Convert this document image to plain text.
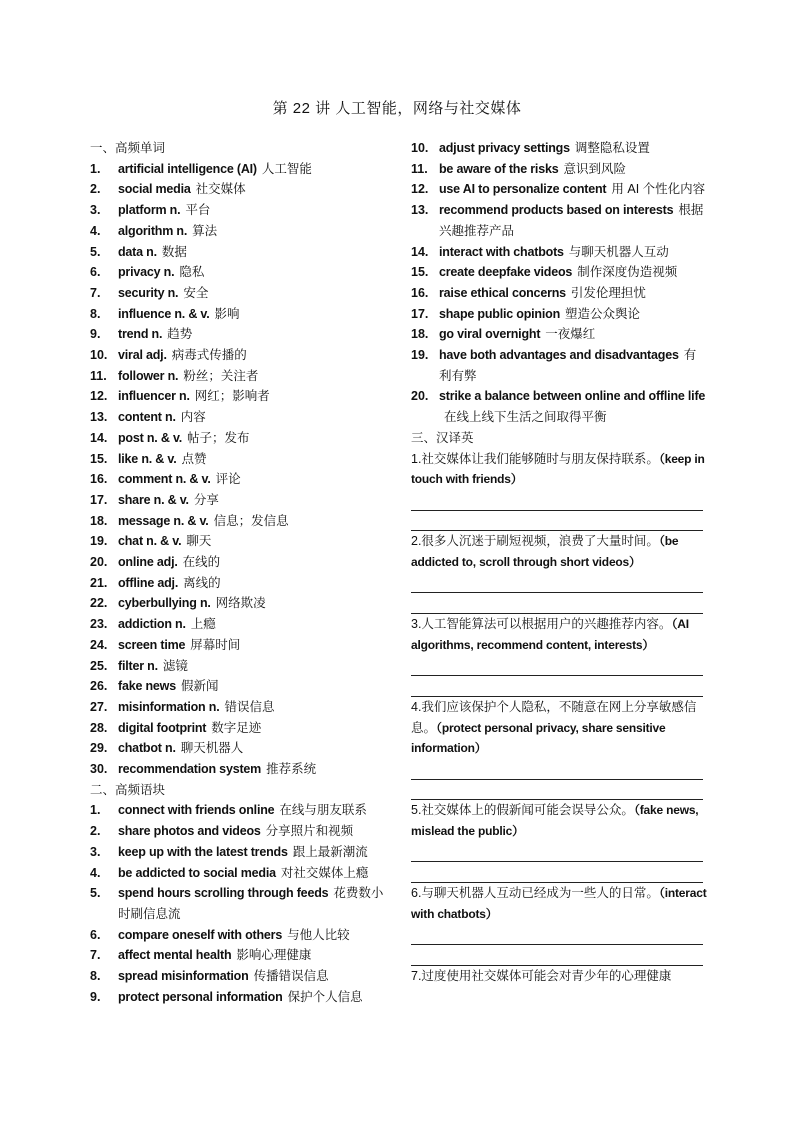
第 22 讲 人工智能，网络与社交媒体
一、高频单词
1.	artificial intelligence (AI) 人工智能
2.	social media 社交媒体
3.	platform n. 平台
4.	algorithm n. 算法
5.	data n. 数据
6.	privacy n. 隐私
7.	security n. 安全
8.	influence n. & v. 影响
9.	trend n. 趋势
10. viral adj. 病毒式传播的
11. follower n. 粉丝；关注者
12. influencer n. 网红；影响者
13. content n. 内容
14. post n. & v. 帖子；发布
15. like n. & v. 点赞
16. comment n. & v. 评论
17. share n. & v. 分享
18. message n. & v. 信息；发信息
19. chat n. & v. 聊天
20. online adj. 在线的
21. offline adj. 离线的
22. cyberbullying n. 网络欺凌
23. addiction n. 上瘾
24. screen time 屏幕时间
25. filter n. 滤镜
26. fake news 假新闻
27. misinformation n. 错误信息
28. digital footprint 数字足迹
29. chatbot n. 聊天机器人
30. recommendation system 推荐系统
二、高频语块
1.	connect with friends online 在线与朋友联系
2.	share photos and videos 分享照片和视频
3.	keep up with the latest trends 跟上最新潮流
4.	be addicted to social media 对社交媒体上瘾
5.	spend hours scrolling through feeds 花费数小时刷信息流
6.	compare oneself with others 与他人比较
7.	affect mental health 影响心理健康
8.	spread misinformation 传播错误信息
9.	protect personal information 保护个人信息
10. adjust privacy settings 调整隐私设置
11. be aware of the risks 意识到风险
12. use AI to personalize content 用 AI 个性化内容
13. recommend products based on interests 根据兴趣推荐产品
14. interact with chatbots 与聊天机器人互动
15. create deepfake videos 制作深度伪造视频
16. raise ethical concerns 引发伦理担忧
17. shape public opinion 塑造公众舆论
18. go viral overnight 一夜爆红
19. have both advantages and disadvantages 有利有弊
20. strike a balance between online and offline life在线上线下生活之间取得平衡
三、汉译英
1.社交媒体让我们能够随时与朋友保持联系。（keep in touch with friends）
2.很多人沉迷于刷短视频，浪费了大量时间。（be addicted to, scroll through short videos）
3.人工智能算法可以根据用户的兴趣推荐内容。（AI algorithms, recommend content, interests）
4.我们应该保护个人隐私，不随意在网上分享敏感信息。（protect personal privacy, share sensitive information）
5.社交媒体上的假新闻可能会误导公众。（fake news, mislead the public）
6.与聊天机器人互动已经成为一些人的日常。（interact with chatbots）
7.过度使用社交媒体可能会对青少年的心理健康
